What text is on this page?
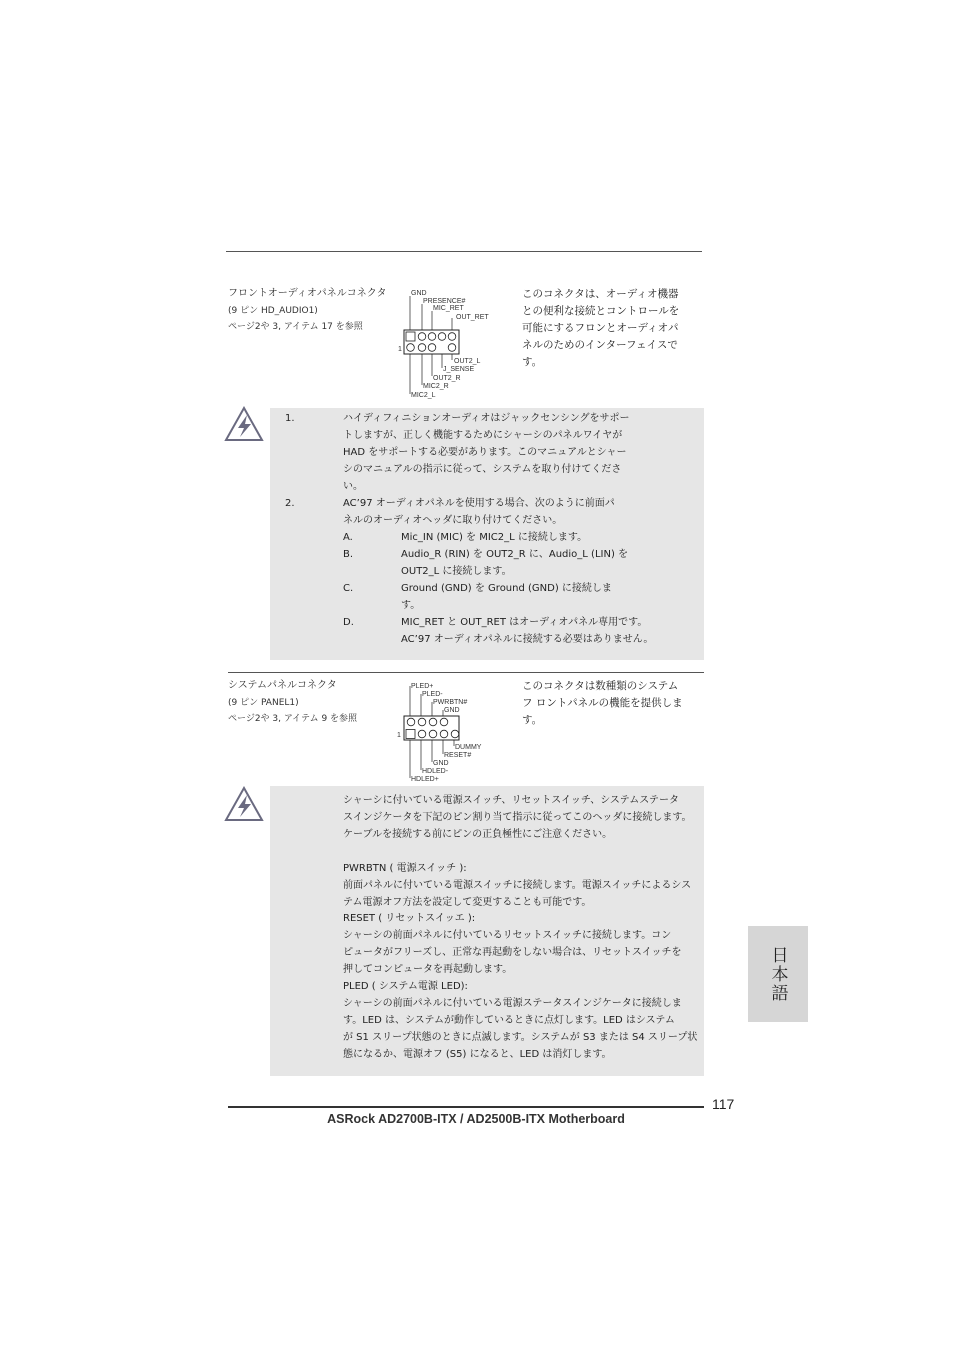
フロントオーディオパネルコネクタ
(9 ピン HD_AUDIO1)
ページ2や 3, アイテム 17 を参照
GND
PRESENCE#
MIC_RET
OUT_RET
1
OUT2_L
J_SENSE
OUT2_R
MIC2_R
MIC2_L
このコネクタは、オーディオ機器
との便利な接続とコントロールを
可能にするフロンとオーディオパ
ネルのためのインターフェイスで
す。
1.	ハイディフィニションオーディオはジャックセンシングをサポー
トしますが、正しく機能するためにシャーシのパネルワイヤが
HAD をサポートする必要があります。このマニュアルとシャー
シのマニュアルの指示に従って、システムを取り付けてくださ
い。
2.	AC’97 オーディオパネルを使用する場合、次のように前面パ
ネルのオーディオヘッダに取り付けてください。
A.	Mic_IN (MIC) を MIC2_L に接続します。
B.	Audio_R (RIN) を OUT2_R に、Audio_L (LIN) を
OUT2_L に接続します。
C.	Ground (GND) を Ground (GND) に接続しま
す。
D.	MIC_RET と OUT_RET はオーディオパネル専用です。
AC’97 オーディオパネルに接続する必要はありません。
システムパネルコネクタ
(9 ピン PANEL1)
ページ2や 3, アイテム 9 を参照
PLED+
PLED-
PWRBTN#
GND
1
DUMMY
RESET#
GND
HDLED-
HDLED+
このコネクタは数種類のシステム
フ ロントパネルの機能を提供しま
す。
シャーシに付いている電源スイッチ、リセットスイッチ、システムステータ
スインジケータを下記のピン割り当て指示に従ってこのヘッダに接続します。
ケーブルを接続する前にピンの正負極性にご注意ください。
PWRBTN ( 電源スイッチ ):
前面パネルに付いている電源スイッチに接続します。電源スイッチによるシス
テム電源オフ方法を設定して変更することも可能です。
RESET ( リセットスイッエ ):
シャーシの前面パネルに付いているリセットスイッチに接続します。コン
ピュータがフリーズし、正常な再起動をしない場合は、リセットスイッチを
押してコンピュータを再起動します。
PLED ( システム電源 LED):
シャーシの前面パネルに付いている電源ステータスインジケータに接続しま
す。LED は、システムが動作しているときに点灯します。LED はシステム
が S1 スリープ状態のときに点滅します。システムが S3 または S4 スリープ状
態になるか、電源オフ (S5) になると、LED は消灯します。
日本語
117
ASRock AD2700B-ITX / AD2500B-ITX Motherboard
